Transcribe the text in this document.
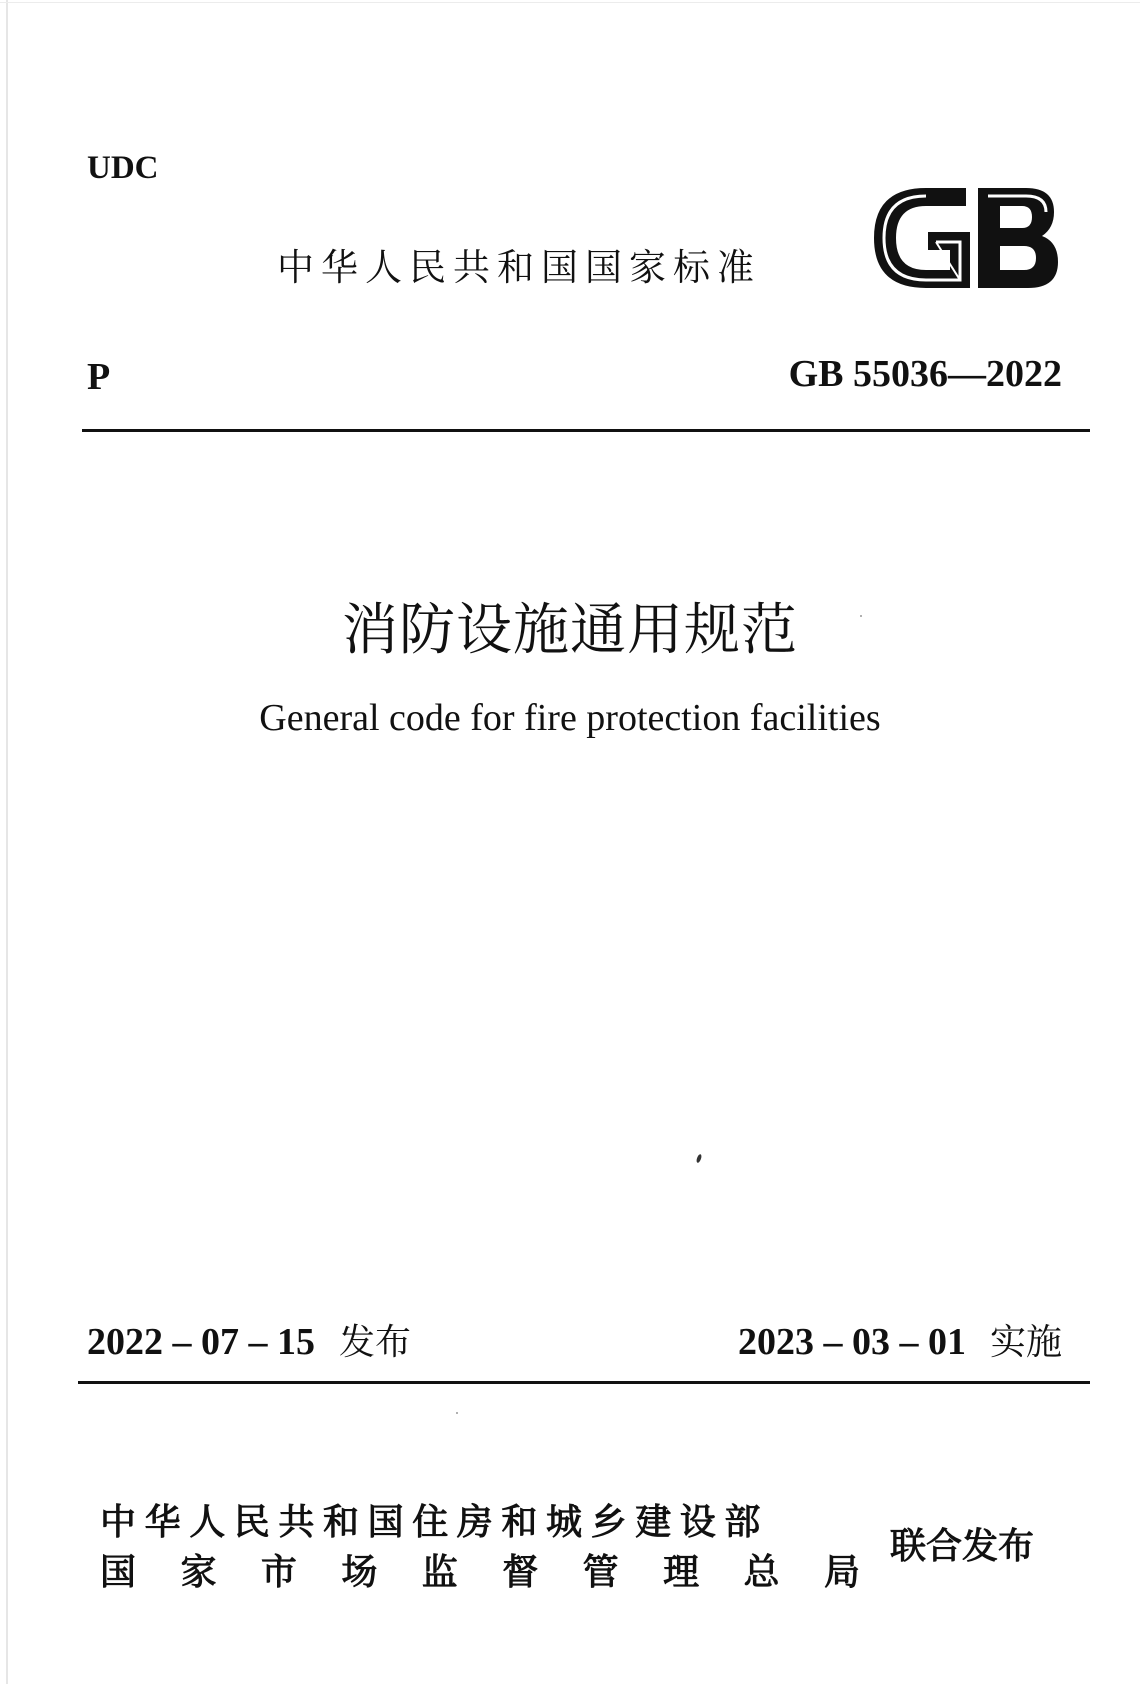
UDC
中华人民共和国国家标准
P	GB 55036—2022
消防设施通用规范
General code for fire protection facilities
2022 – 07 – 15 发布	2023 – 03 – 01 实施
中华人民共和国住房和城乡建设部
国 家 市 场 监 督 管 理 总 局
联合发布
